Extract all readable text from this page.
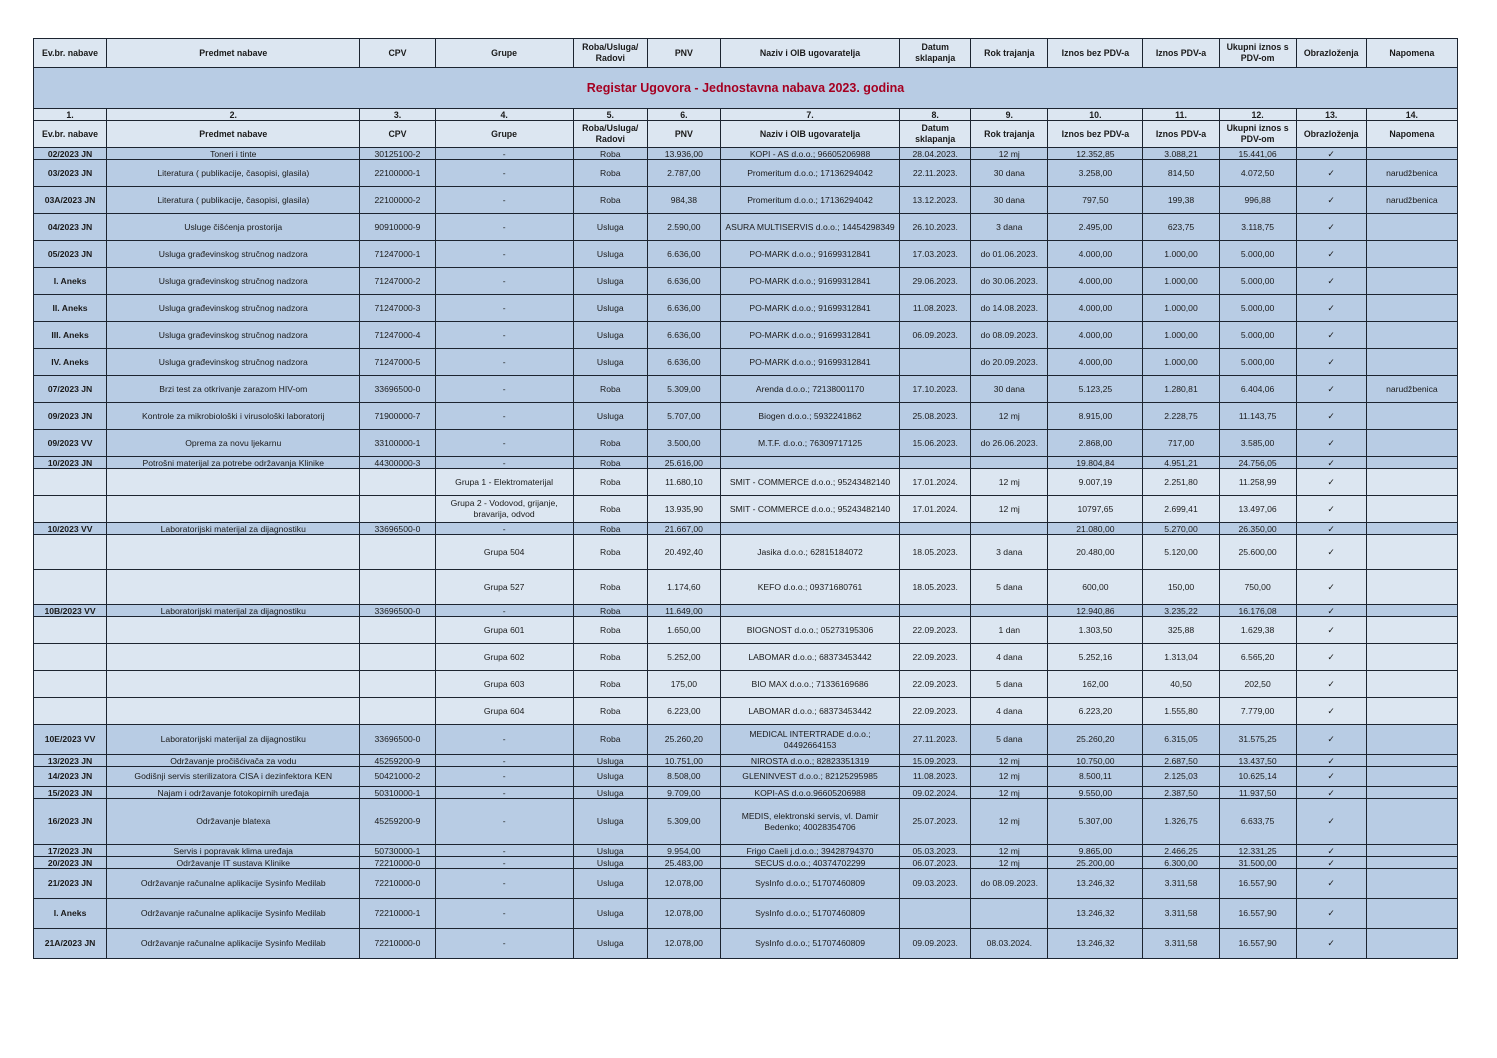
Ev.br. nabave	Predmet nabave	CPV	Grupe	Roba/Usluga/ Radovi	PNV	Naziv i OIB ugovaratelja	Datum sklapanja	Rok trajanja	Iznos bez PDV-a	Iznos PDV-a	Ukupni iznos s PDV-om	Obrazloženja	Napomena
Registar Ugovora - Jednostavna nabava 2023. godina													
1.	2.	3.	4.	5.	6.	7.	8.	9.	10.	11.	12.	13.	14.
Ev.br. nabave	Predmet nabave	CPV	Grupe	Roba/Usluga/ Radovi	PNV	Naziv i OIB ugovaratelja	Datum sklapanja	Rok trajanja	Iznos bez PDV-a	Iznos PDV-a	Ukupni iznos s PDV-om	Obrazloženja	Napomena
02/2023 JN	Toneri i tinte	30125100-2	-	Roba	13.936,00	KOPI - AS d.o.o.; 96605206988	28.04.2023.	12 mj	12.352,85	3.088,21	15.441,06	✓	
03/2023 JN	Literatura ( publikacije, časopisi, glasila)	22100000-1	-	Roba	2.787,00	Promeritum d.o.o.; 17136294042	22.11.2023.	30 dana	3.258,00	814,50	4.072,50	✓	narudžbenica
03A/2023 JN	Literatura ( publikacije, časopisi, glasila)	22100000-2	-	Roba	984,38	Promeritum d.o.o.; 17136294042	13.12.2023.	30 dana	797,50	199,38	996,88	✓	narudžbenica
04/2023 JN	Usluge čišćenja prostorija	90910000-9	-	Usluga	2.590,00	ASURA MULTISERVIS d.o.o.; 14454298349	26.10.2023.	3 dana	2.495,00	623,75	3.118,75	✓	
05/2023 JN	Usluga građevinskog stručnog nadzora	71247000-1	-	Usluga	6.636,00	PO-MARK d.o.o.; 91699312841	17.03.2023.	do 01.06.2023.	4.000,00	1.000,00	5.000,00	✓	
I. Aneks	Usluga građevinskog stručnog nadzora	71247000-2	-	Usluga	6.636,00	PO-MARK d.o.o.; 91699312841	29.06.2023.	do 30.06.2023.	4.000,00	1.000,00	5.000,00	✓	
II. Aneks	Usluga građevinskog stručnog nadzora	71247000-3	-	Usluga	6.636,00	PO-MARK d.o.o.; 91699312841	11.08.2023.	do 14.08.2023.	4.000,00	1.000,00	5.000,00	✓	
III. Aneks	Usluga građevinskog stručnog nadzora	71247000-4	-	Usluga	6.636,00	PO-MARK d.o.o.; 91699312841	06.09.2023.	do 08.09.2023.	4.000,00	1.000,00	5.000,00	✓	
IV. Aneks	Usluga građevinskog stručnog nadzora	71247000-5	-	Usluga	6.636,00	PO-MARK d.o.o.; 91699312841		do 20.09.2023.	4.000,00	1.000,00	5.000,00	✓	
07/2023 JN	Brzi test za otkrivanje zarazom HIV-om	33696500-0	-	Roba	5.309,00	Arenda d.o.o.; 72138001170	17.10.2023.	30 dana	5.123,25	1.280,81	6.404,06	✓	narudžbenica
09/2023 JN	Kontrole za mikrobiološki i virusološki laboratorij	71900000-7	-	Usluga	5.707,00	Biogen d.o.o.; 5932241862	25.08.2023.	12 mj	8.915,00	2.228,75	11.143,75	✓	
09/2023 VV	Oprema za novu ljekarnu	33100000-1	-	Roba	3.500,00	M.T.F. d.o.o.; 76309717125	15.06.2023.	do 26.06.2023.	2.868,00	717,00	3.585,00	✓	
10/2023 JN	Potrošni materijal za potrebe održavanja Klinike	44300000-3	-	Roba	25.616,00				19.804,84	4.951,21	24.756,05	✓	
			Grupa 1 - Elektromaterijal	Roba	11.680,10	SMIT - COMMERCE d.o.o.; 95243482140	17.01.2024.	12 mj	9.007,19	2.251,80	11.258,99	✓	
			Grupa 2 - Vodovod, grijanje, bravarija, odvod	Roba	13.935,90	SMIT - COMMERCE d.o.o.; 95243482140	17.01.2024.	12 mj	10797,65	2.699,41	13.497,06	✓	
10/2023 VV	Laboratorijski materijal za dijagnostiku	33696500-0	-	Roba	21.667,00				21.080,00	5.270,00	26.350,00	✓	
			Grupa 504	Roba	20.492,40	Jasika d.o.o.; 62815184072	18.05.2023.	3 dana	20.480,00	5.120,00	25.600,00	✓	
			Grupa 527	Roba	1.174,60	KEFO d.o.o.; 09371680761	18.05.2023.	5 dana	600,00	150,00	750,00	✓	
10B/2023 VV	Laboratorijski materijal za dijagnostiku	33696500-0	-	Roba	11.649,00				12.940,86	3.235,22	16.176,08	✓	
			Grupa 601	Roba	1.650,00	BIOGNOST d.o.o.; 05273195306	22.09.2023.	1 dan	1.303,50	325,88	1.629,38	✓	
			Grupa 602	Roba	5.252,00	LABOMAR d.o.o.; 68373453442	22.09.2023.	4 dana	5.252,16	1.313,04	6.565,20	✓	
			Grupa 603	Roba	175,00	BIO MAX d.o.o.; 71336169686	22.09.2023.	5 dana	162,00	40,50	202,50	✓	
			Grupa 604	Roba	6.223,00	LABOMAR d.o.o.; 68373453442	22.09.2023.	4 dana	6.223,20	1.555,80	7.779,00	✓	
10E/2023 VV	Laboratorijski materijal za dijagnostiku	33696500-0	-	Roba	25.260,20	MEDICAL INTERTRADE d.o.o.; 04492664153	27.11.2023.	5 dana	25.260,20	6.315,05	31.575,25	✓	
13/2023 JN	Održavanje pročišćivača za vodu	45259200-9	-	Usluga	10.751,00	NIROSTA d.o.o.; 82823351319	15.09.2023.	12 mj	10.750,00	2.687,50	13.437,50	✓	
14/2023 JN	Godišnji servis sterilizatora CISA i dezinfektora KEN	50421000-2	-	Usluga	8.508,00	GLENINVEST d.o.o.; 82125295985	11.08.2023.	12 mj	8.500,11	2.125,03	10.625,14	✓	
15/2023 JN	Najam i održavanje fotokopirnih uređaja	50310000-1	-	Usluga	9.709,00	KOPI-AS d.o.o.96605206988	09.02.2024.	12 mj	9.550,00	2.387,50	11.937,50	✓	
16/2023 JN	Održavanje blatexa	45259200-9	-	Usluga	5.309,00	MEDIS, elektronski servis, vl. Damir Bedenko; 40028354706	25.07.2023.	12 mj	5.307,00	1.326,75	6.633,75	✓	
17/2023 JN	Servis i popravak klima uređaja	50730000-1	-	Usluga	9.954,00	Frigo Caeli j.d.o.o.; 39428794370	05.03.2023.	12 mj	9.865,00	2.466,25	12.331,25	✓	
20/2023 JN	Održavanje IT sustava Klinike	72210000-0	-	Usluga	25.483,00	SECUS d.o.o.; 40374702299	06.07.2023.	12 mj	25.200,00	6.300,00	31.500,00	✓	
21/2023 JN	Održavanje računalne aplikacije Sysinfo Medilab	72210000-0	-	Usluga	12.078,00	SysInfo d.o.o.; 51707460809	09.03.2023.	do 08.09.2023.	13.246,32	3.311,58	16.557,90	✓	
I. Aneks	Održavanje računalne aplikacije Sysinfo Medilab	72210000-1	-	Usluga	12.078,00	SysInfo d.o.o.; 51707460809			13.246,32	3.311,58	16.557,90	✓	
21A/2023 JN	Održavanje računalne aplikacije Sysinfo Medilab	72210000-0	-	Usluga	12.078,00	SysInfo d.o.o.; 51707460809	09.09.2023.	08.03.2024.	13.246,32	3.311,58	16.557,90	✓	
